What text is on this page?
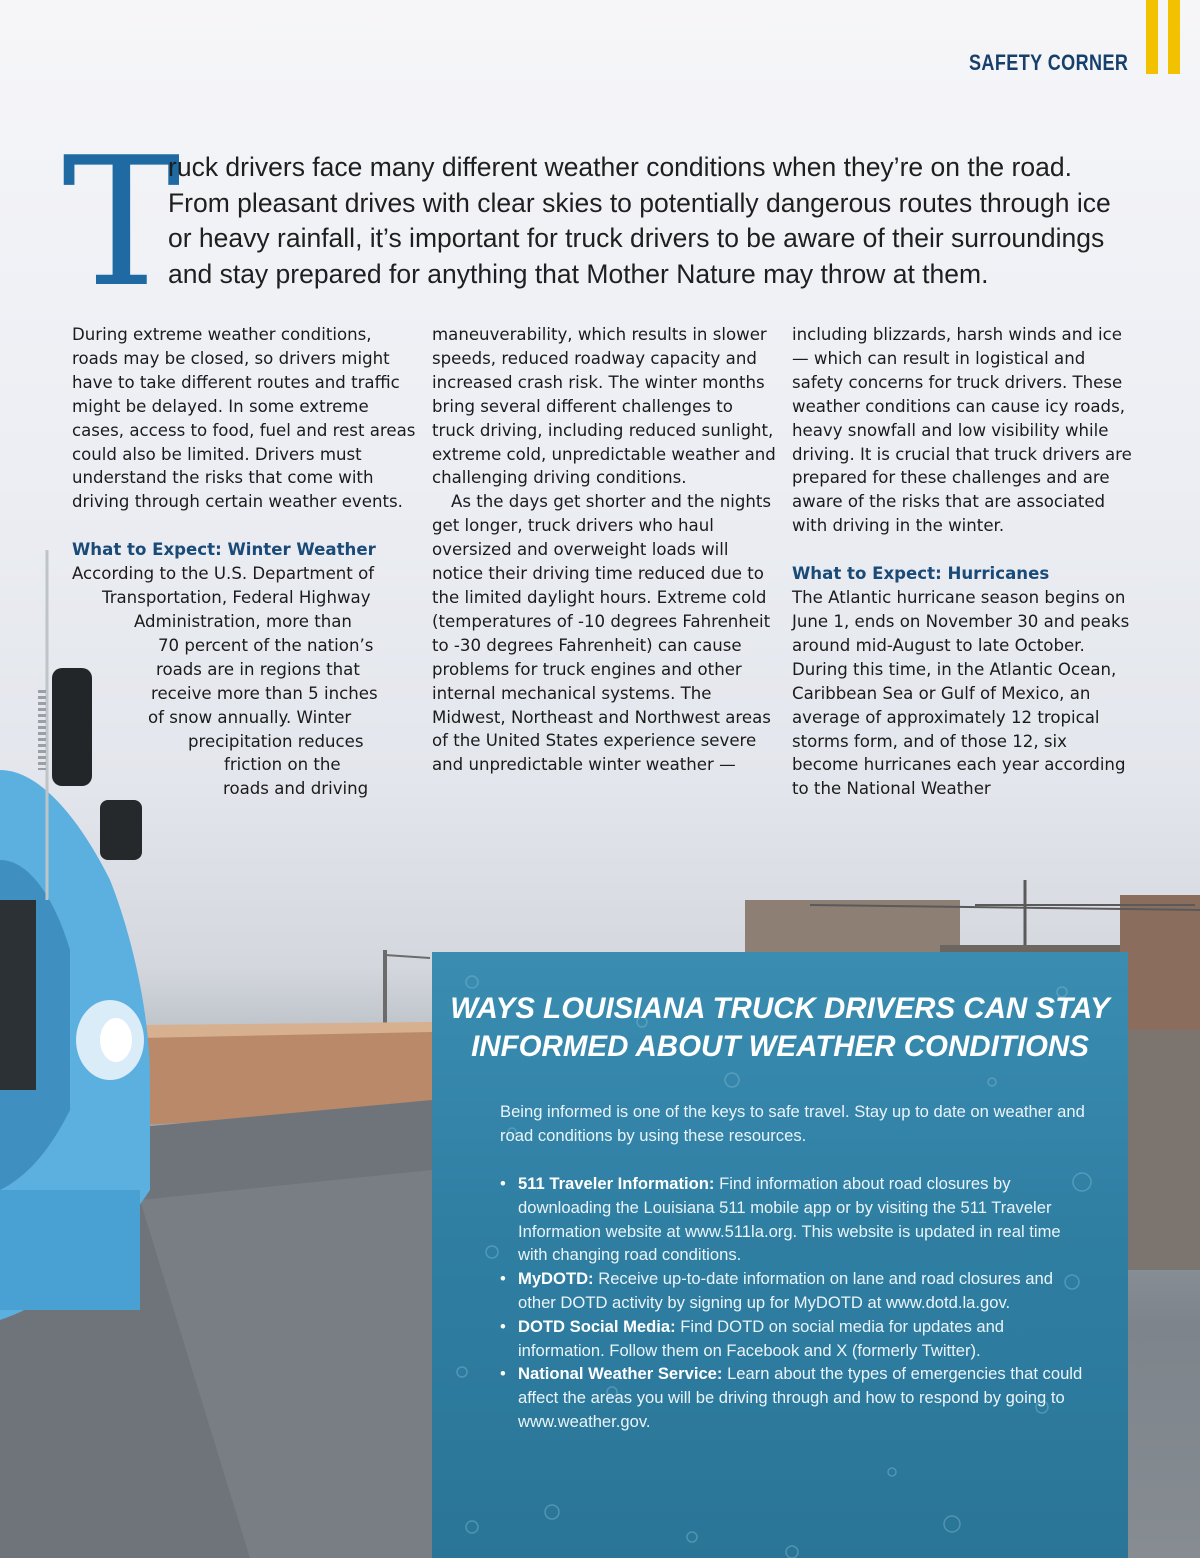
SAFETY CORNER
T

ruck drivers face many different weather conditions when they’re on the road. From pleasant drives with clear skies to potentially dangerous routes through ice or heavy rainfall, it’s important for truck drivers to be aware of their surroundings and stay prepared for anything that Mother Nature may throw at them.

During extreme weather conditions, roads may be closed, so drivers might have to take different routes and traffic might be delayed. In some extreme cases, access to food, fuel and rest areas could also be limited. Drivers must understand the risks that come with driving through certain weather events.

What to Expect: Winter Weather

According to the U.S. Department of

Transportation, Federal Highway

Administration, more than

70 percent of the nation’s

roads are in regions that

receive more than 5 inches

of snow annually. Winter

precipitation reduces

friction on the

roads and driving

maneuverability, which results in slower speeds, reduced roadway capacity and increased crash risk. The winter months bring several different challenges to truck driving, including reduced sunlight, extreme cold, unpredictable weather and challenging driving conditions.

As the days get shorter and the nights get longer, truck drivers who haul oversized and overweight loads will notice their driving time reduced due to the limited daylight hours. Extreme cold (temperatures of -10 degrees Fahrenheit to -30 degrees Fahrenheit) can cause problems for truck engines and other internal mechanical systems. The Midwest, Northeast and Northwest areas of the United States experience severe and unpredictable winter weather —

including blizzards, harsh winds and ice — which can result in logistical and safety concerns for truck drivers. These weather conditions can cause icy roads, heavy snowfall and low visibility while driving. It is crucial that truck drivers are prepared for these challenges and are aware of the risks that are associated with driving in the winter.

What to Expect: Hurricanes

The Atlantic hurricane season begins on June 1, ends on November 30 and peaks around mid-August to late October. During this time, in the Atlantic Ocean, Caribbean Sea or Gulf of Mexico, an average of approximately 12 tropical storms form, and of those 12, six become hurricanes each year according to the National Weather

WAYS LOUISIANA TRUCK DRIVERS CAN STAY
INFORMED ABOUT WEATHER CONDITIONS

Being informed is one of the keys to safe travel. Stay up to date on weather and road conditions by using these resources.

• 511 Traveler Information: Find information about road closures by downloading the Louisiana 511 mobile app or by visiting the 511 Traveler Information website at www.511la.org. This website is updated in real time with changing road conditions.
• MyDOTD: Receive up-to-date information on lane and road closures and other DOTD activity by signing up for MyDOTD at www.dotd.la.gov.
• DOTD Social Media: Find DOTD on social media for updates and information. Follow them on Facebook and X (formerly Twitter).
• National Weather Service: Learn about the types of emergencies that could affect the areas you will be driving through and how to respond by going to www.weather.gov.
